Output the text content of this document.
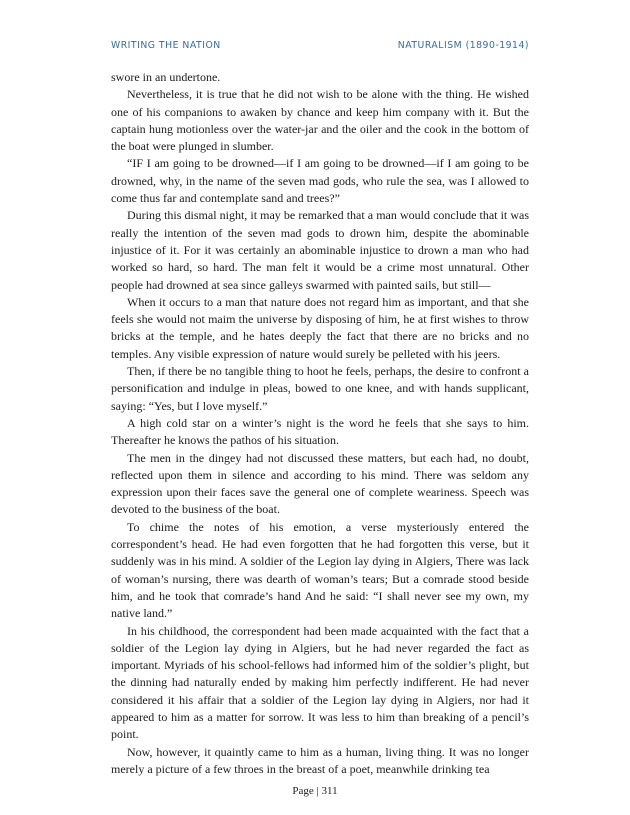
WRITING THE NATION	NATURALISM (1890-1914)

swore in an undertone.

Nevertheless, it is true that he did not wish to be alone with the thing. He wished one of his companions to awaken by chance and keep him company with it. But the captain hung motionless over the water-jar and the oiler and the cook in the bottom of the boat were plunged in slumber.

“IF I am going to be drowned—if I am going to be drowned—if I am going to be drowned, why, in the name of the seven mad gods, who rule the sea, was I allowed to come thus far and contemplate sand and trees?”

During this dismal night, it may be remarked that a man would conclude that it was really the intention of the seven mad gods to drown him, despite the abominable injustice of it. For it was certainly an abominable injustice to drown a man who had worked so hard, so hard. The man felt it would be a crime most unnatural. Other people had drowned at sea since galleys swarmed with painted sails, but still—

When it occurs to a man that nature does not regard him as important, and that she feels she would not maim the universe by disposing of him, he at first wishes to throw bricks at the temple, and he hates deeply the fact that there are no bricks and no temples. Any visible expression of nature would surely be pelleted with his jeers.

Then, if there be no tangible thing to hoot he feels, perhaps, the desire to confront a personification and indulge in pleas, bowed to one knee, and with hands supplicant, saying: “Yes, but I love myself.”

A high cold star on a winter’s night is the word he feels that she says to him. Thereafter he knows the pathos of his situation.

The men in the dingey had not discussed these matters, but each had, no doubt, reflected upon them in silence and according to his mind. There was seldom any expression upon their faces save the general one of complete weariness. Speech was devoted to the business of the boat.

To chime the notes of his emotion, a verse mysteriously entered the correspondent’s head. He had even forgotten that he had forgotten this verse, but it suddenly was in his mind. A soldier of the Legion lay dying in Algiers, There was lack of woman’s nursing, there was dearth of woman’s tears; But a comrade stood beside him, and he took that comrade’s hand And he said: “I shall never see my own, my native land.”

In his childhood, the correspondent had been made acquainted with the fact that a soldier of the Legion lay dying in Algiers, but he had never regarded the fact as important. Myriads of his school-fellows had informed him of the soldier’s plight, but the dinning had naturally ended by making him perfectly indifferent. He had never considered it his affair that a soldier of the Legion lay dying in Algiers, nor had it appeared to him as a matter for sorrow. It was less to him than breaking of a pencil’s point.

Now, however, it quaintly came to him as a human, living thing. It was no longer merely a picture of a few throes in the breast of a poet, meanwhile drinking tea

Page | 311
